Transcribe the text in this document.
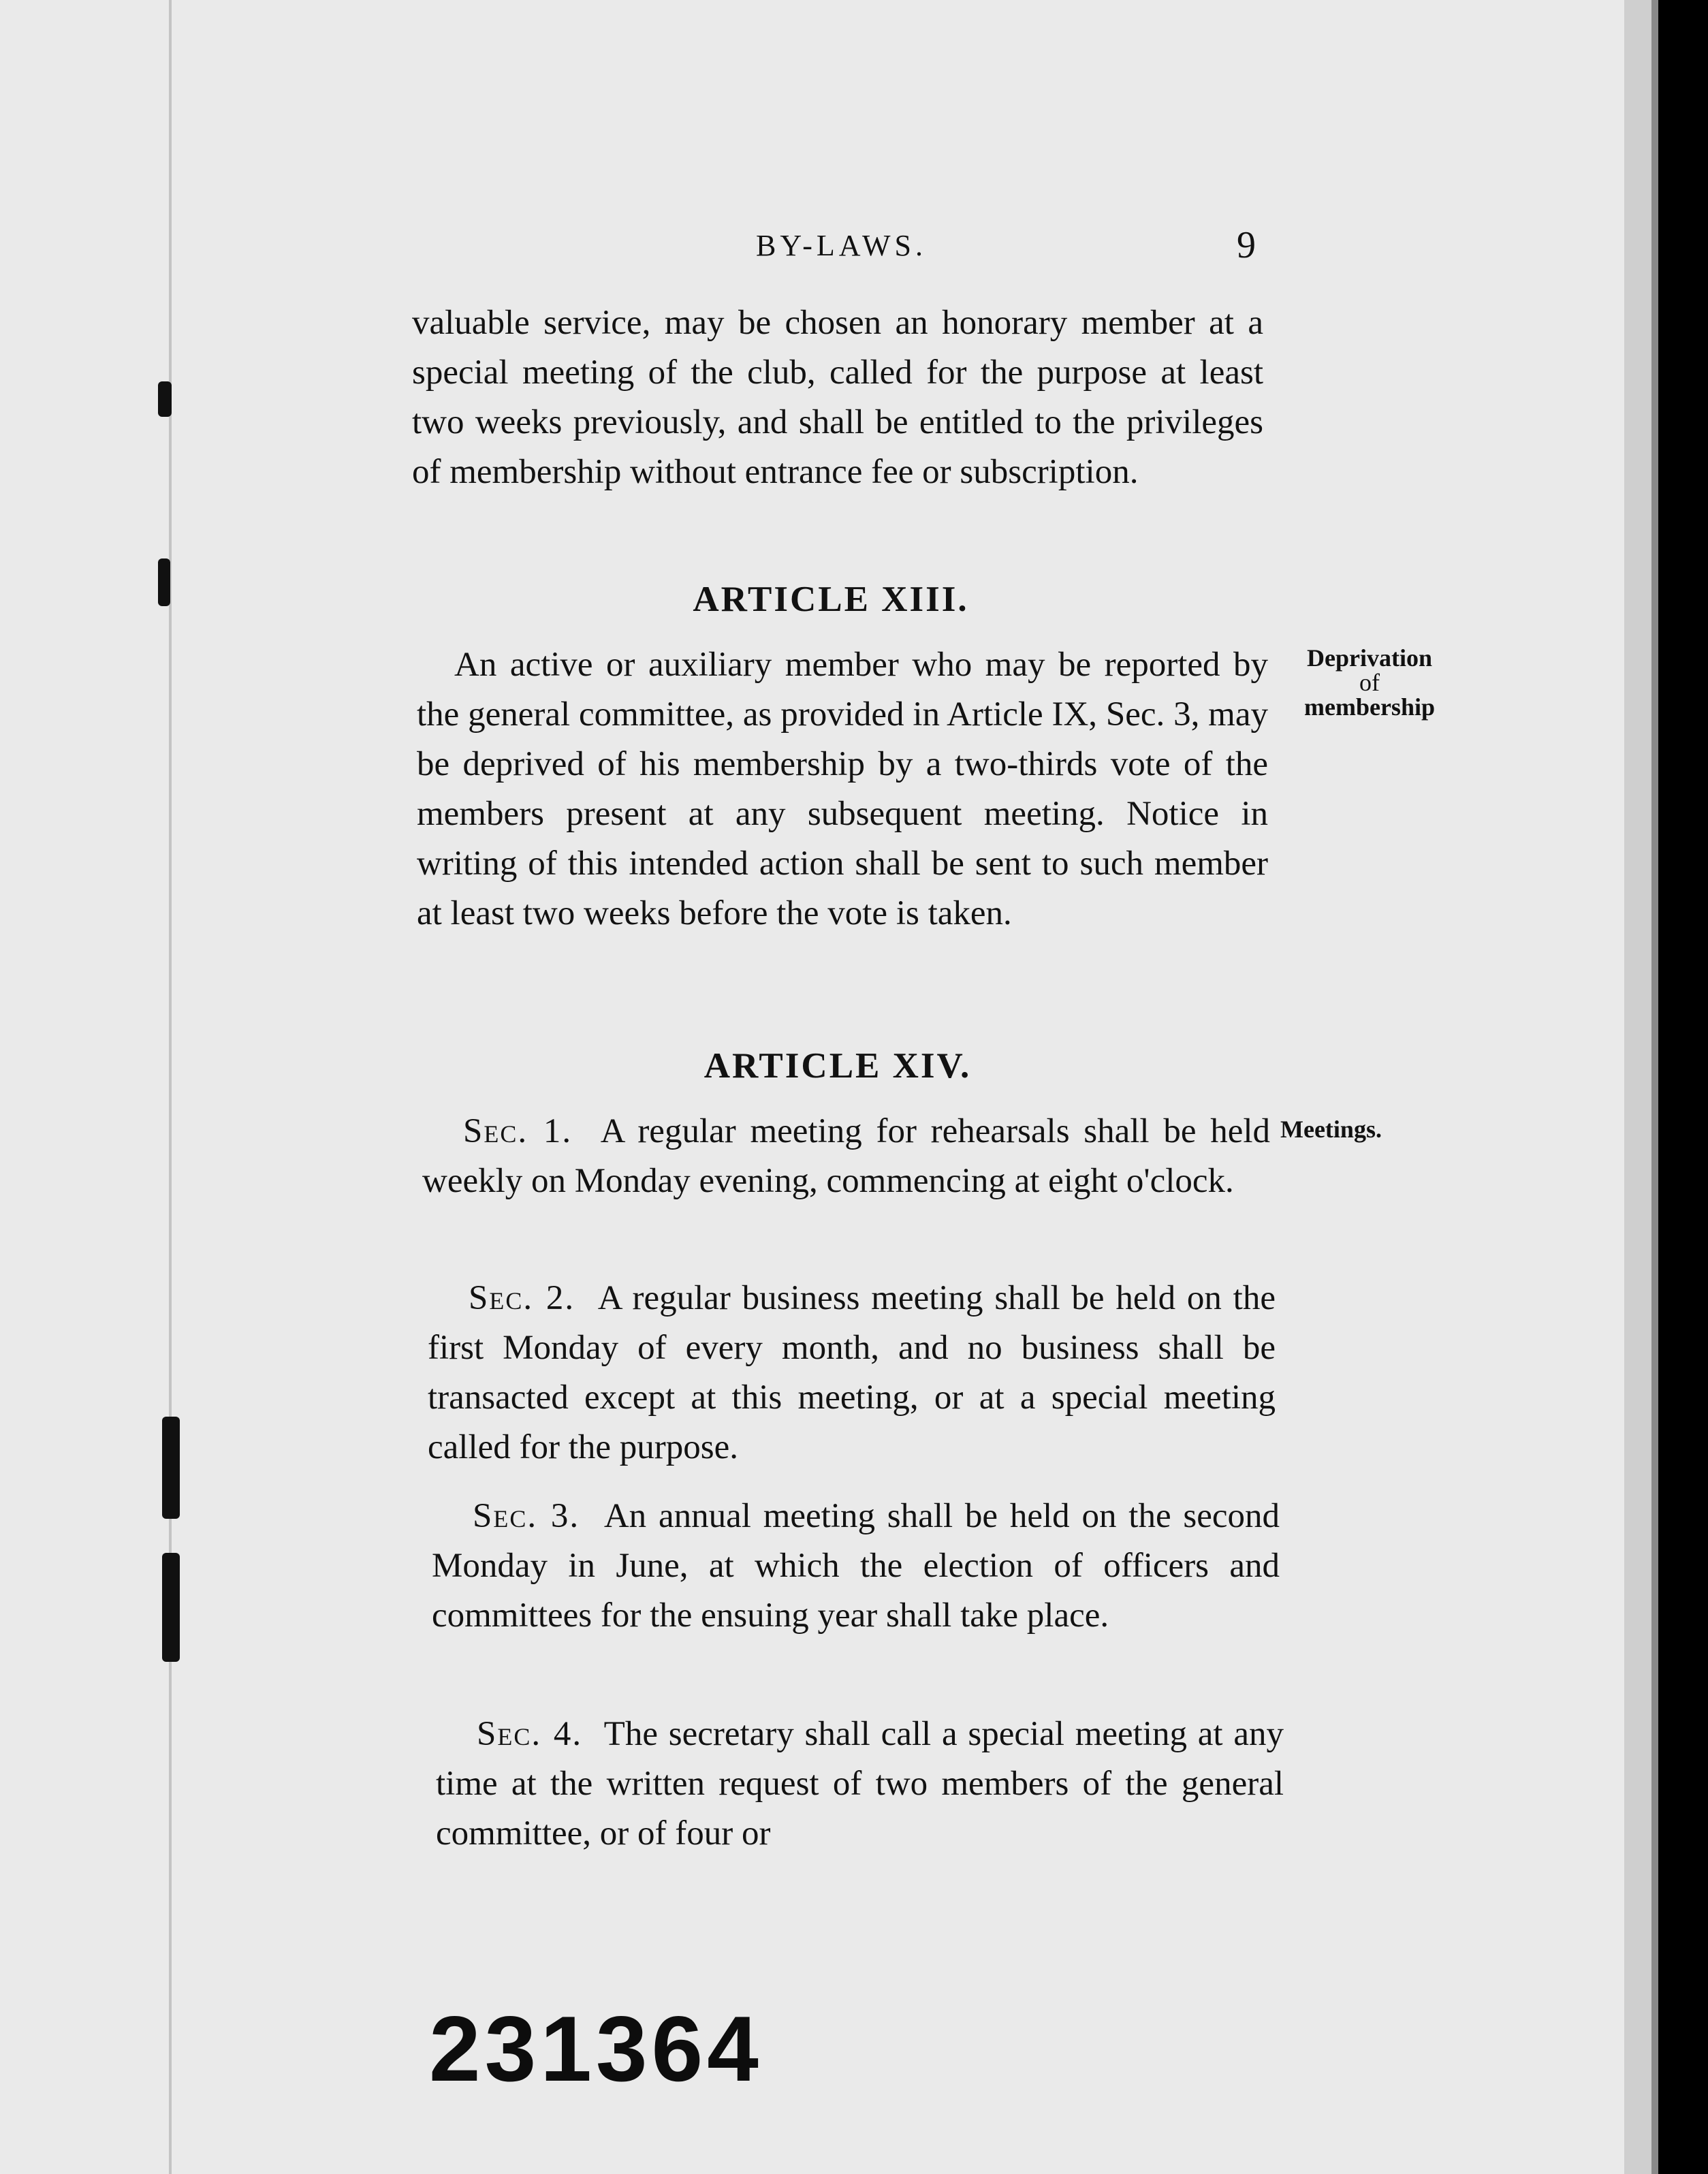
BY-LAWS.	9

valuable service, may be chosen an honorary member at a special meeting of the club, called for the purpose at least two weeks previously, and shall be entitled to the privileges of membership without entrance fee or subscription.

ARTICLE XIII.

An active or auxiliary member who may be reported by the general committee, as provided in Article IX, Sec. 3, may be deprived of his membership by a two-thirds vote of the members present at any subsequent meeting. Notice in writing of this intended action shall be sent to such member at least two weeks before the vote is taken.

Deprivation
of
membership
ARTICLE XIV.

Sec. 1. A regular meeting for rehearsals shall be held weekly on Monday evening, commencing at eight o'clock.

Meetings.

Sec. 2. A regular business meeting shall be held on the first Monday of every month, and no business shall be transacted except at this meeting, or at a special meeting called for the purpose.

Sec. 3. An annual meeting shall be held on the second Monday in June, at which the election of officers and committees for the ensuing year shall take place.

Sec. 4. The secretary shall call a special meeting at any time at the written request of two members of the general committee, or of four or

231364
